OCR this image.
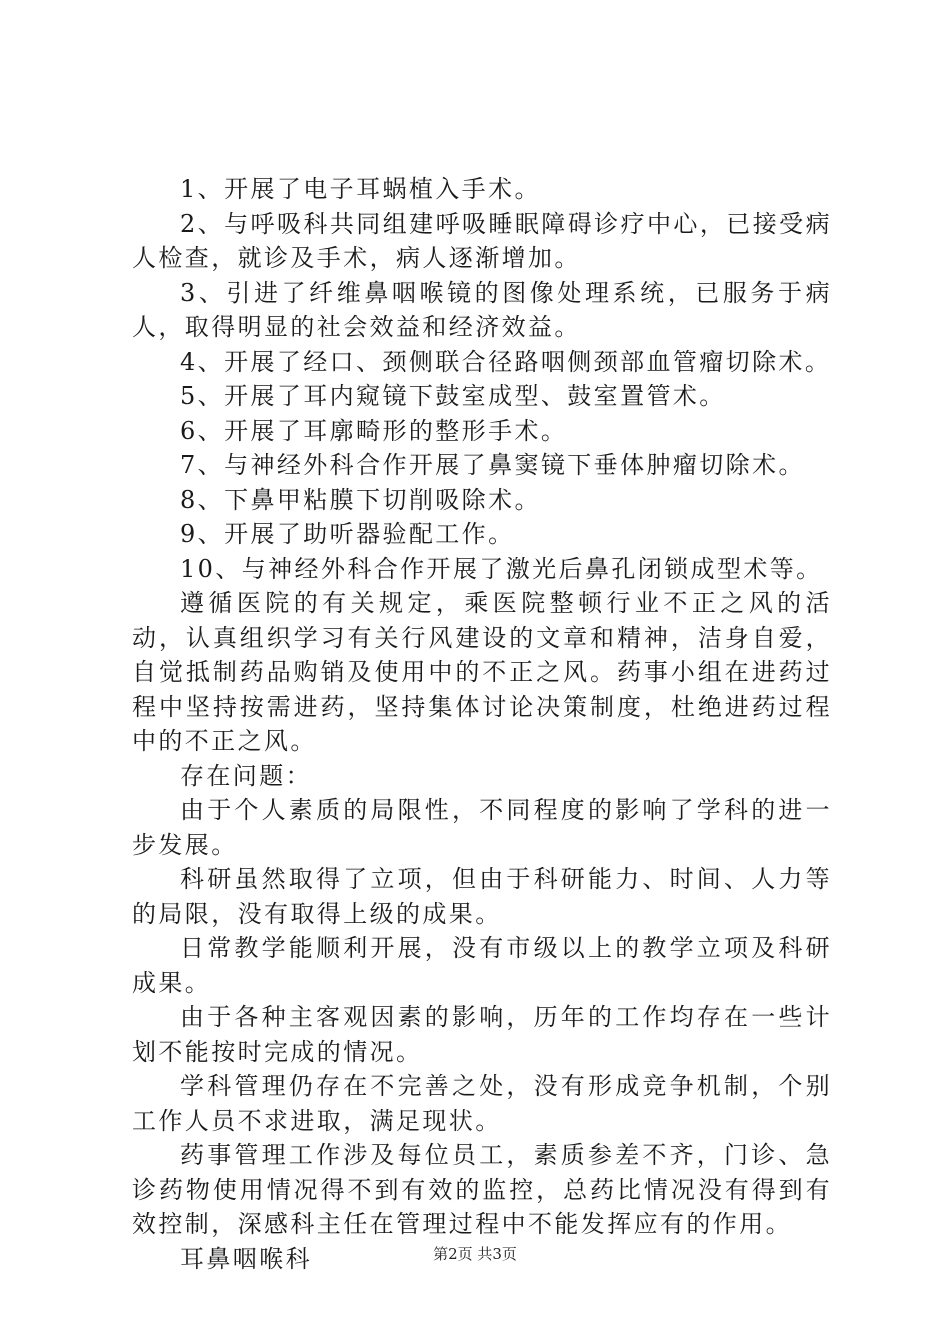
1、开展了电子耳蜗植入手术。

2、与呼吸科共同组建呼吸睡眠障碍诊疗中心，已接受病人检查，就诊及手术，病人逐渐增加。

3、引进了纤维鼻咽喉镜的图像处理系统，已服务于病人，取得明显的社会效益和经济效益。

4、开展了经口、颈侧联合径路咽侧颈部血管瘤切除术。

5、开展了耳内窥镜下鼓室成型、鼓室置管术。

6、开展了耳廓畸形的整形手术。

7、与神经外科合作开展了鼻窦镜下垂体肿瘤切除术。

8、下鼻甲粘膜下切削吸除术。

9、开展了助听器验配工作。

10、与神经外科合作开展了激光后鼻孔闭锁成型术等。

遵循医院的有关规定，乘医院整顿行业不正之风的活动，认真组织学习有关行风建设的文章和精神，洁身自爱，自觉抵制药品购销及使用中的不正之风。药事小组在进药过程中坚持按需进药，坚持集体讨论决策制度，杜绝进药过程中的不正之风。

存在问题：

由于个人素质的局限性，不同程度的影响了学科的进一步发展。

科研虽然取得了立项，但由于科研能力、时间、人力等的局限，没有取得上级的成果。

日常教学能顺利开展，没有市级以上的教学立项及科研成果。

由于各种主客观因素的影响，历年的工作均存在一些计划不能按时完成的情况。

学科管理仍存在不完善之处，没有形成竞争机制，个别工作人员不求进取，满足现状。

药事管理工作涉及每位员工，素质参差不齐，门诊、急诊药物使用情况得不到有效的监控，总药比情况没有得到有效控制，深感科主任在管理过程中不能发挥应有的作用。

耳鼻咽喉科	第2页 共3页
